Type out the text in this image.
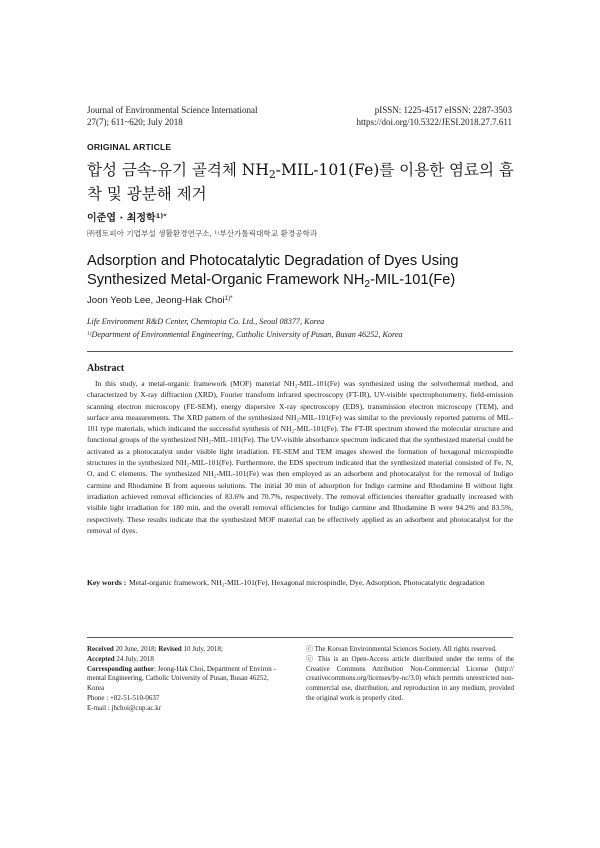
Journal of Environmental Science International
27(7); 611~620; July 2018
pISSN: 1225-4517 eISSN: 2287-3503
https://doi.org/10.5322/JESI.2018.27.7.611
ORIGINAL ARTICLE
합성 금속-유기 골격체 $NH_2-MIL-101(Fe)$를 이용한 염료의 흡착 및 광분해 제거
이준엽 · 최정학$^{1)*}$
㈜켐토피아 기업부설 생활환경연구소, $^{1)}$부산가톨릭대학교 환경공학과
Adsorption and Photocatalytic Degradation of Dyes Using
Synthesized Metal-Organic Framework $NH_2-MIL-101(Fe)$
Joon Yeob Lee, Jeong-Hak Choi$^{1)*}$
Life Environment R&D Center, Chemtopia Co. Ltd., Seoul 08377, Korea
$^{1)}$Department of Environmental Engineering, Catholic University of Pusan, Busan 46252, Korea
Abstract
In this study, a metal-organic framework (MOF) material NH₂-MIL-101(Fe) was synthesized using the solvothermal method, and characterized by X-ray diffraction (XRD), Fourier transform infrared spectroscopy (FT-IR), UV-visible spectrophotometry, field-emission scanning electron microscopy (FE-SEM), energy dispersive X-ray spectroscopy (EDS), transmission electron microscopy (TEM), and surface area measurements. The XRD pattern of the synthesized NH₂-MIL-101(Fe) was similar to the previously reported patterns of MIL-101 type materials, which indicated the successful synthesis of NH₂-MIL-101(Fe). The FT-IR spectrum showed the molecular structure and functional groups of the synthesized NH₂-MIL-101(Fe). The UV-visible absorbance spectrum indicated that the synthesized material could be activated as a photocatalyst under visible light irradiation. FE-SEM and TEM images showed the formation of hexagonal microspindle structures in the synthesized NH₂-MIL-101(Fe). Furthermore, the EDS spectrum indicated that the synthesized material consisted of Fe, N, O, and C elements. The synthesized NH₂-MIL-101(Fe) was then employed as an adsorbent and photocatalyst for the removal of Indigo carmine and Rhodamine B from aqueous solutions. The initial 30 min of adsorption for Indigo carmine and Rhodamine B without light irradiation achieved removal efficiencies of 83.6% and 70.7%, respectively. The removal efficiencies thereafter gradually increased with visible light irradiation for 180 min, and the overall removal efficiencies for Indigo carmine and Rhodamine B were 94.2% and 83.5%, respectively. These results indicate that the synthesized MOF material can be effectively applied as an adsorbent and photocatalyst for the removal of dyes.
Key words : Metal-organic framework, NH₂-MIL-101(Fe), Hexagonal microspindle, Dye, Adsorption, Photocatalytic degradation
Received 20 June, 2018; Revised 10 July, 2018;
Accepted 24 July, 2018
Corresponding author: Jeong-Hak Choi, Department of Environ -mental Engineering, Catholic University of Pusan, Busan 46252, Korea
Phone : +82-51-510-0637
E-mail : jhchoi@cup.ac.kr
ⓒ The Korean Environmental Sciences Society. All rights reserved.
ⓒ This is an Open-Access article distributed under the terms of the Creative Commons Attribution Non-Commercial License (http:// creativecommons.org/licenses/by-nc/3.0) which permits unrestricted non-commercial use, distribution, and reproduction in any medium, provided the original work is properly cited.
